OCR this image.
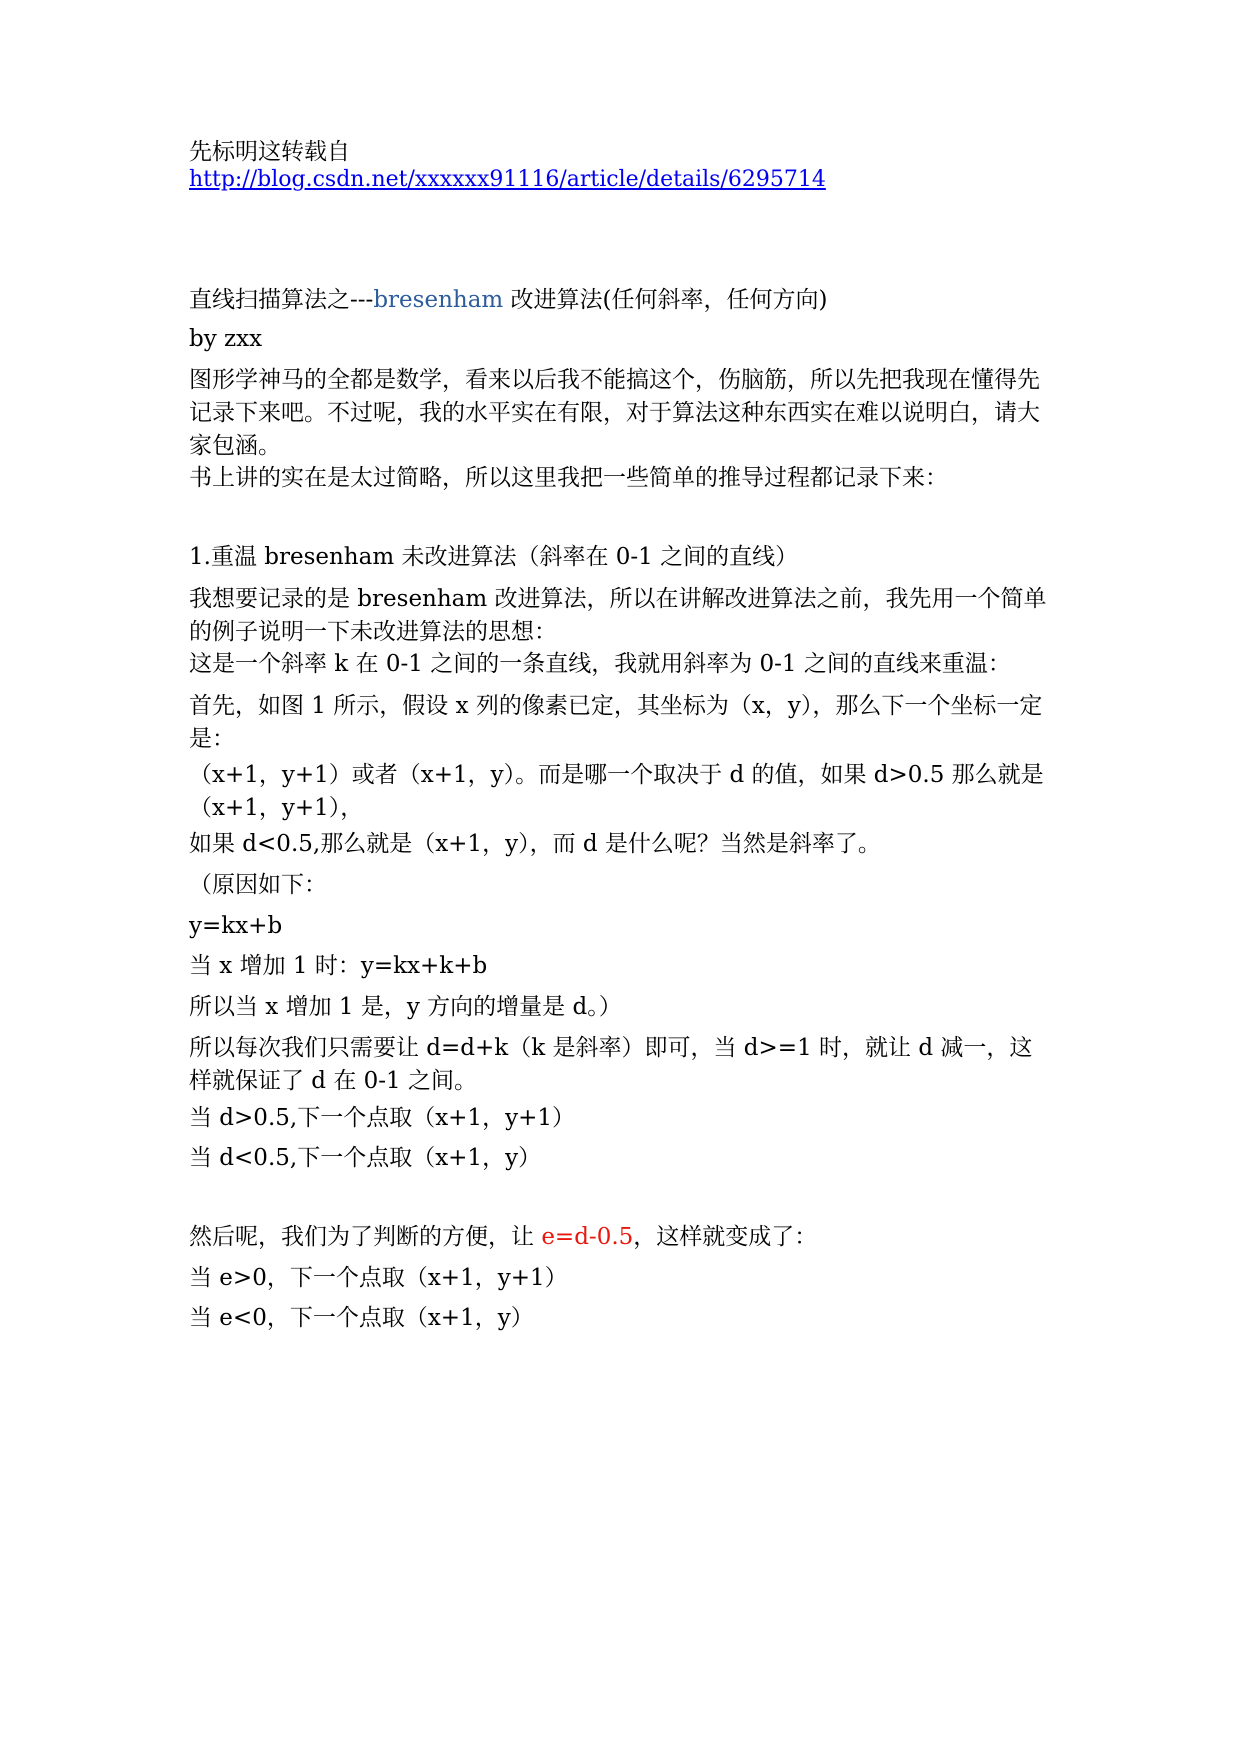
先标明这转载自

http://blog.csdn.net/xxxxxx91116/article/details/6295714

直线扫描算法之---bresenham 改进算法(任何斜率，任何方向)

by zxx

图形学神马的全都是数学，看来以后我不能搞这个，伤脑筋，所以先把我现在懂得先记录下来吧。不过呢，我的水平实在有限，对于算法这种东西实在难以说明白，请大家包涵。

书上讲的实在是太过简略，所以这里我把一些简单的推导过程都记录下来：

1.重温 bresenham 未改进算法（斜率在 0-1 之间的直线）

我想要记录的是 bresenham 改进算法，所以在讲解改进算法之前，我先用一个简单的例子说明一下未改进算法的思想：

这是一个斜率 k 在 0-1 之间的一条直线，我就用斜率为 0-1 之间的直线来重温：

首先，如图 1 所示，假设 x 列的像素已定，其坐标为（x，y），那么下一个坐标一定是：

（x+1，y+1）或者（x+1，y）。而是哪一个取决于 d 的值，如果 d>0.5 那么就是（x+1，y+1），

如果 d<0.5,那么就是（x+1，y），而 d 是什么呢？当然是斜率了。

（原因如下：

y=kx+b

当 x 增加 1 时：y=kx+k+b

所以当 x 增加 1 是，y 方向的增量是 d。）

所以每次我们只需要让 d=d+k（k 是斜率）即可，当 d>=1 时，就让 d 减一，这样就保证了 d 在 0-1 之间。

当 d>0.5,下一个点取（x+1，y+1）

当 d<0.5,下一个点取（x+1，y）

然后呢，我们为了判断的方便，让 e=d-0.5，这样就变成了：

当 e>0，下一个点取（x+1，y+1）

当 e<0，下一个点取（x+1，y）
